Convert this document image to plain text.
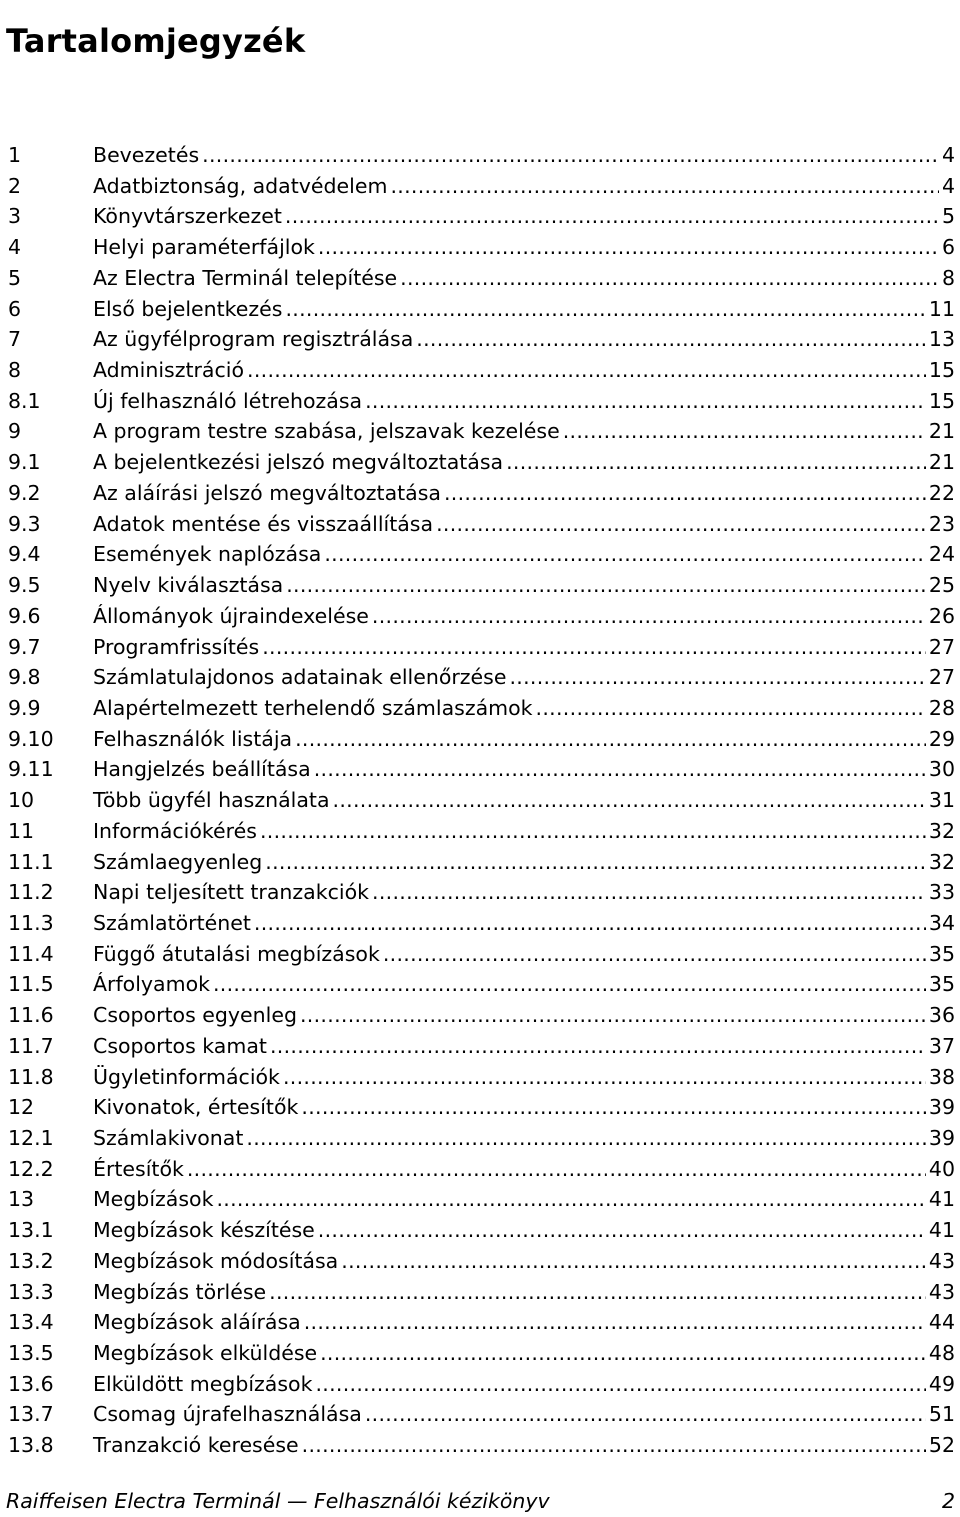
Tartalomjegyzék
1	Bevezetés .....	4
2	Adatbiztonság, adatvédelem .....	4
3	Könyvtárszerkezet .....	5
4	Helyi paraméterfájlok .....	6
5	Az Electra Terminál telepítése .....	8
6	Első bejelentkezés .....	11
7	Az ügyfélprogram regisztrálása .....	13
8	Adminisztráció .....	15
8.1	Új felhasználó létrehozása .....	15
9	A program testre szabása, jelszavak kezelése .....	21
9.1	A bejelentkezési jelszó megváltoztatása .....	21
9.2	Az aláírási jelszó megváltoztatása .....	22
9.3	Adatok mentése és visszaállítása .....	23
9.4	Események naplózása .....	24
9.5	Nyelv kiválasztása .....	25
9.6	Állományok újraindexelése .....	26
9.7	Programfrissítés .....	27
9.8	Számlatulajdonos adatainak ellenőrzése .....	27
9.9	Alapértelmezett terhelendő számlaszámok .....	28
9.10	Felhasználók listája .....	29
9.11	Hangjelzés beállítása .....	30
10	Több ügyfél használata .....	31
11	Információkérés .....	32
11.1	Számlaegyenleg .....	32
11.2	Napi teljesített tranzakciók .....	33
11.3	Számlatörténet .....	34
11.4	Függő átutalási megbízások .....	35
11.5	Árfolyamok .....	35
11.6	Csoportos egyenleg .....	36
11.7	Csoportos kamat .....	37
11.8	Ügyletinformációk .....	38
12	Kivonatok, értesítők .....	39
12.1	Számlakivonat .....	39
12.2	Értesítők .....	40
13	Megbízások .....	41
13.1	Megbízások készítése .....	41
13.2	Megbízások módosítása .....	43
13.3	Megbízás törlése .....	43
13.4	Megbízások aláírása .....	44
13.5	Megbízások elküldése .....	48
13.6	Elküldött megbízások .....	49
13.7	Csomag újrafelhasználása .....	51
13.8	Tranzakció keresése .....	52
Raiffeisen Electra Terminál — Felhasználói kézikönyv	2
